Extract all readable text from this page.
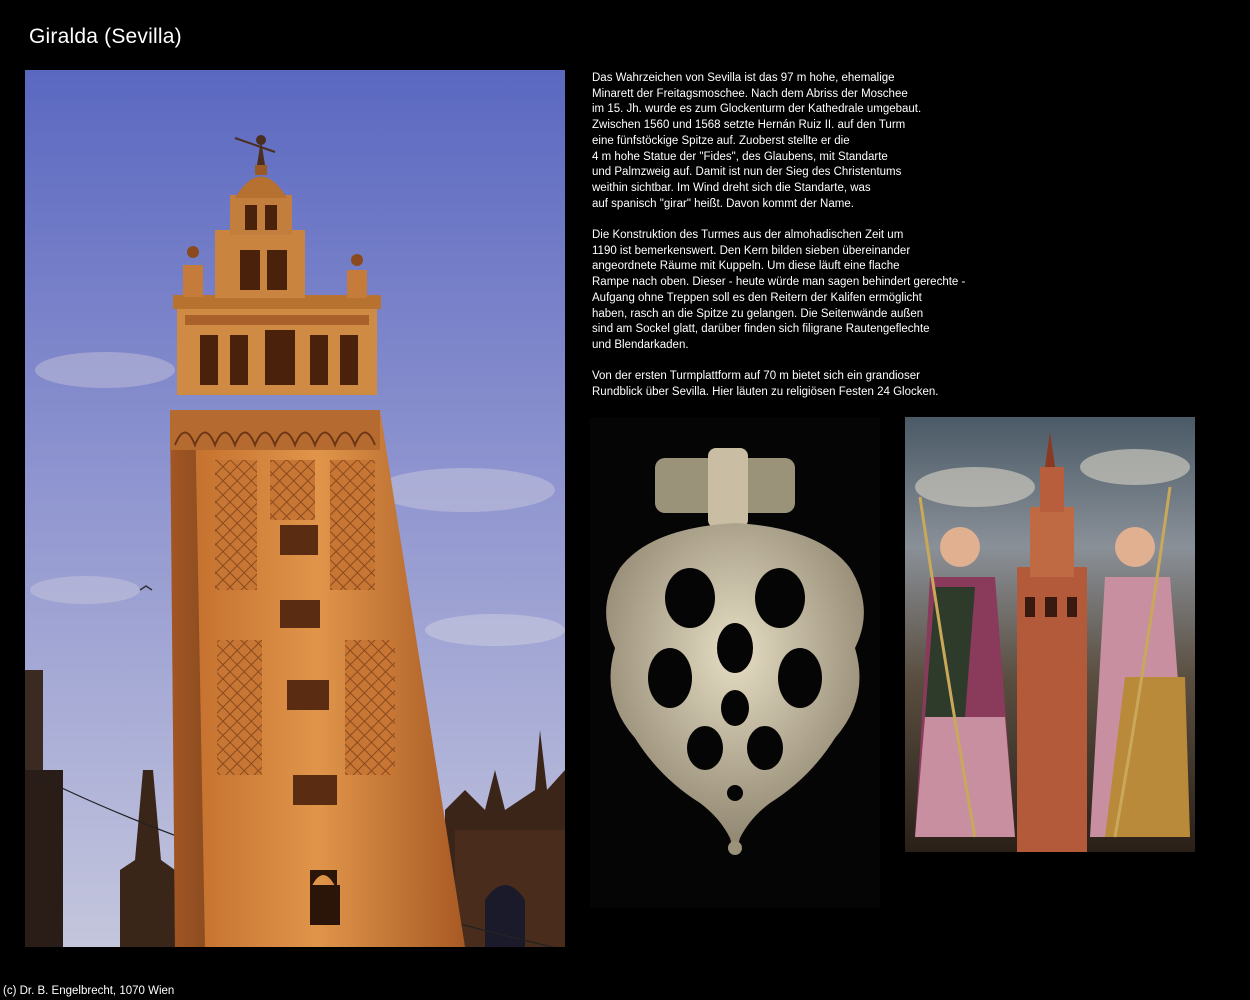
Giralda (Sevilla)

Das Wahrzeichen von Sevilla ist das 97 m hohe, ehemalige
Minarett der Freitagsmoschee. Nach dem Abriss der Moschee
im 15. Jh. wurde es zum Glockenturm der Kathedrale umgebaut.
Zwischen 1560 und 1568 setzte Hernán Ruiz II. auf den Turm
eine fünfstöckige Spitze auf. Zuoberst stellte er die
4 m hohe Statue der "Fides", des Glaubens, mit Standarte
und Palmzweig auf. Damit ist nun der Sieg des Christentums
weithin sichtbar. Im Wind dreht sich die Standarte, was
auf spanisch "girar" heißt. Davon kommt der Name.

Die Konstruktion des Turmes aus der almohadischen Zeit um
1190 ist bemerkenswert. Den Kern bilden sieben übereinander
angeordnete Räume mit Kuppeln. Um diese läuft eine flache
Rampe nach oben. Dieser - heute würde man sagen behindert gerechte -
Aufgang ohne Treppen soll es den Reitern der Kalifen ermöglicht
haben, rasch an die Spitze zu gelangen. Die Seitenwände außen
sind am Sockel glatt, darüber finden sich filigrane Rautengeflechte
und Blendarkaden.

Von der ersten Turmplattform auf 70 m bietet sich ein grandioser
Rundblick über Sevilla. Hier läuten zu religiösen Festen 24 Glocken.

(c) Dr. B. Engelbrecht, 1070 Wien
